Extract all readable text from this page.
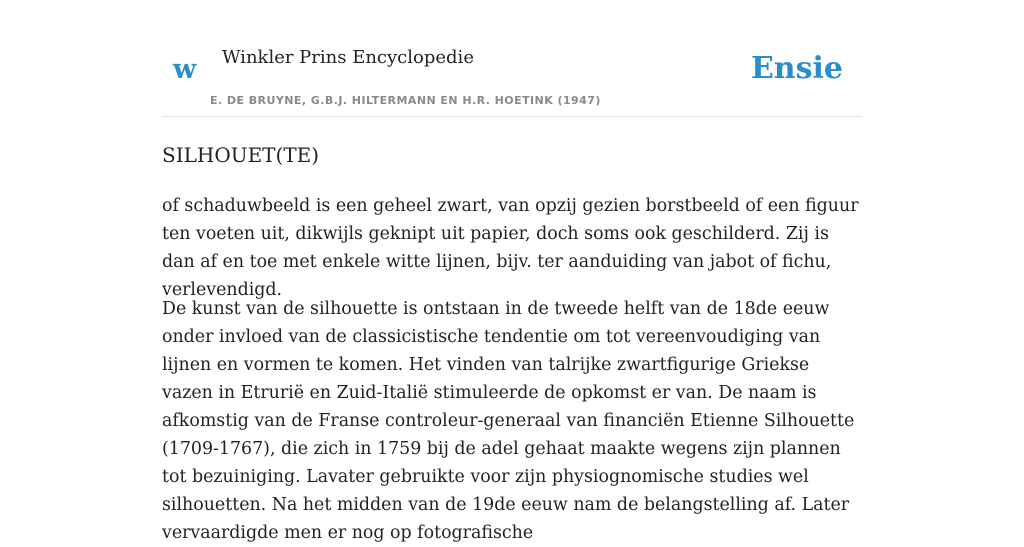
w Winkler Prins Encyclopedie
E. DE BRUYNE, G.B.J. HILTERMANN EN H.R. HOETINK (1947)
Ensie
SILHOUET(TE)

of schaduwbeeld is een geheel zwart, van opzij gezien borstbeeld of een figuur ten voeten uit, dikwijls geknipt uit papier, doch soms ook geschilderd. Zij is dan af en toe met enkele witte lijnen, bijv. ter aanduiding van jabot of fichu, verlevendigd.

De kunst van de silhouette is ontstaan in de tweede helft van de 18de eeuw onder invloed van de classicistische tendentie om tot vereenvoudiging van lijnen en vormen te komen. Het vinden van talrijke zwartfigurige Griekse vazen in Etrurië en Zuid-Italië stimuleerde de opkomst er van. De naam is afkomstig van de Franse controleur-generaal van financiën Etienne Silhouette (1709-1767), die zich in 1759 bij de adel gehaat maakte wegens zijn plannen tot bezuiniging. Lavater gebruikte voor zijn physiognomische studies wel silhouetten. Na het midden van de 19de eeuw nam de belangstelling af. Later vervaardigde men er nog op fotografische
